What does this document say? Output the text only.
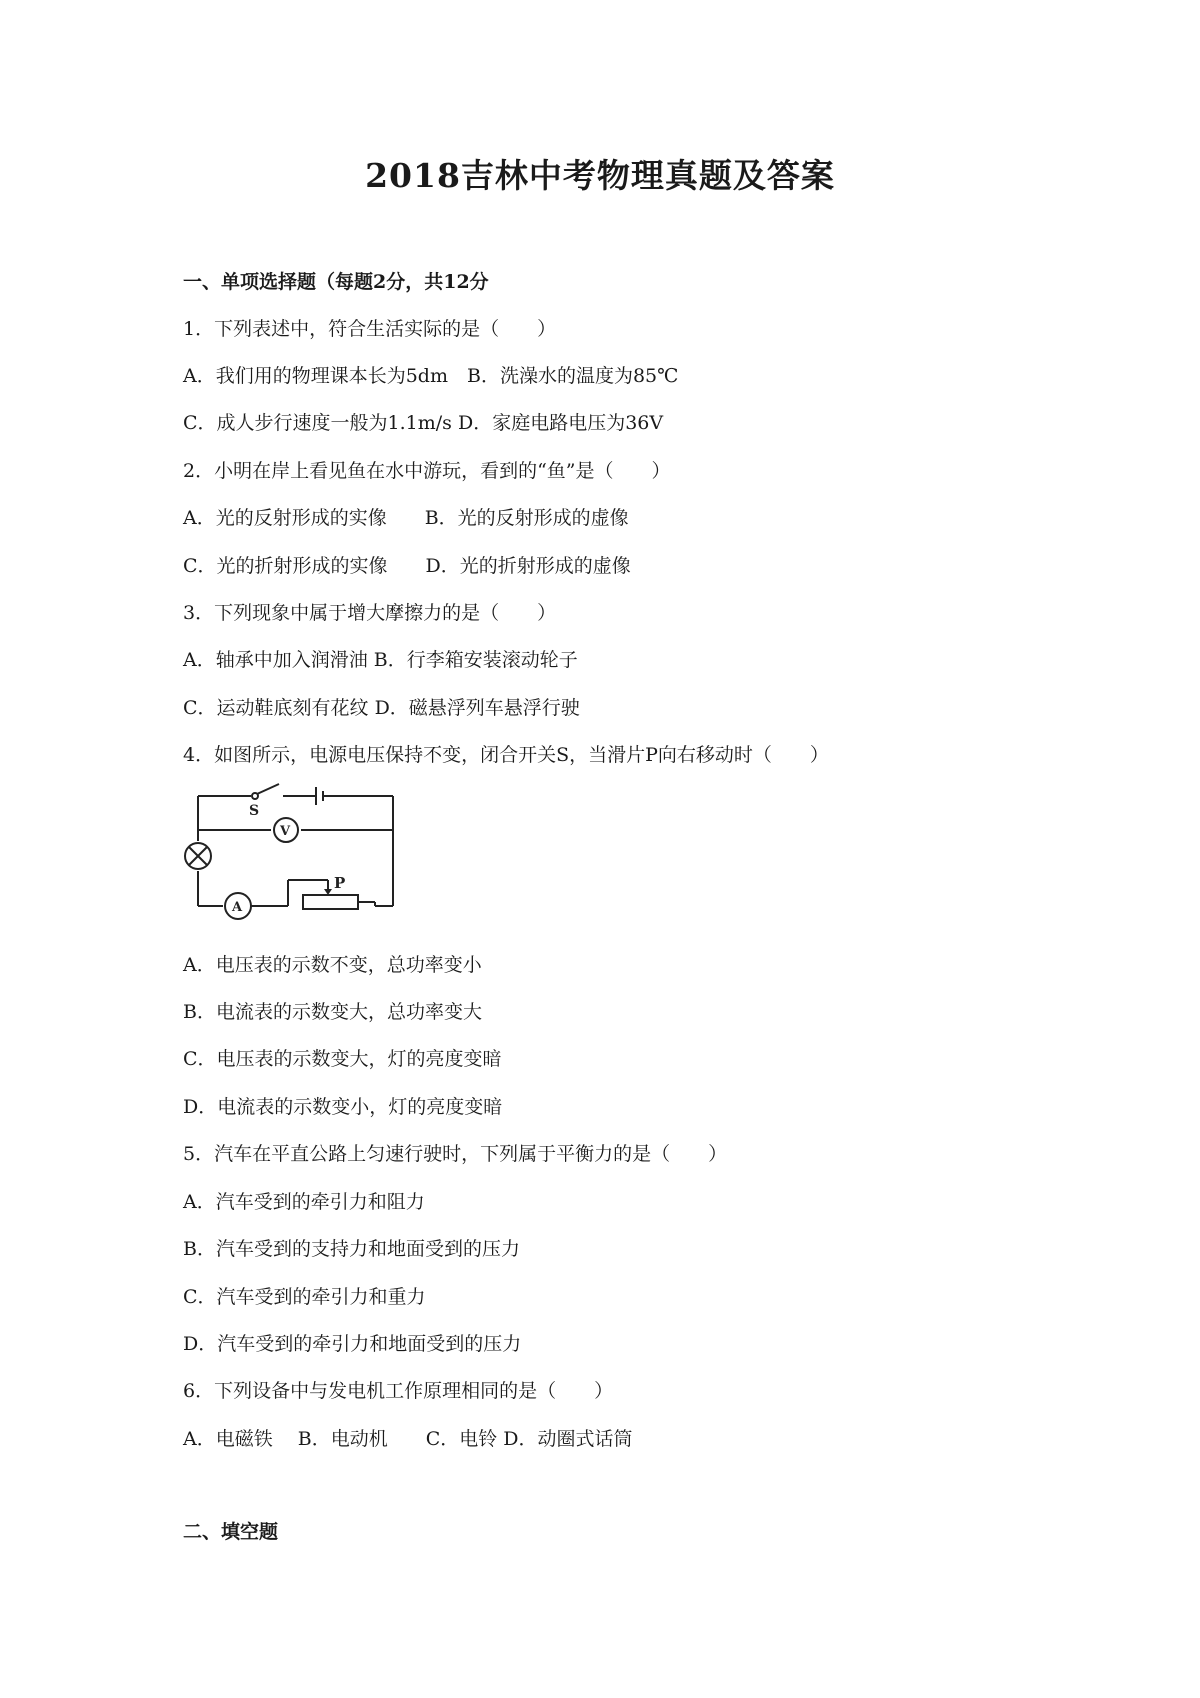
2018吉林中考物理真题及答案
一、单项选择题（每题2分，共12分
1．下列表述中，符合生活实际的是（　　）
A．我们用的物理课本长为5dm　B．洗澡水的温度为85℃
C．成人步行速度一般为1.1m/s D．家庭电路电压为36V
2．小明在岸上看见鱼在水中游玩，看到的“鱼”是（　　）
A．光的反射形成的实像　　B．光的反射形成的虚像
C．光的折射形成的实像　　D．光的折射形成的虚像
3．下列现象中属于增大摩擦力的是（　　）
A．轴承中加入润滑油 B．行李箱安装滚动轮子
C．运动鞋底刻有花纹 D．磁悬浮列车悬浮行驶
4．如图所示，电源电压保持不变，闭合开关S，当滑片P向右移动时（　　）
S
V
A
P
A．电压表的示数不变，总功率变小
B．电流表的示数变大，总功率变大
C．电压表的示数变大，灯的亮度变暗
D．电流表的示数变小，灯的亮度变暗
5．汽车在平直公路上匀速行驶时，下列属于平衡力的是（　　）
A．汽车受到的牵引力和阻力
B．汽车受到的支持力和地面受到的压力
C．汽车受到的牵引力和重力
D．汽车受到的牵引力和地面受到的压力
6．下列设备中与发电机工作原理相同的是（　　）
A．电磁铁　 B．电动机　　C．电铃 D．动圈式话筒
二、填空题
